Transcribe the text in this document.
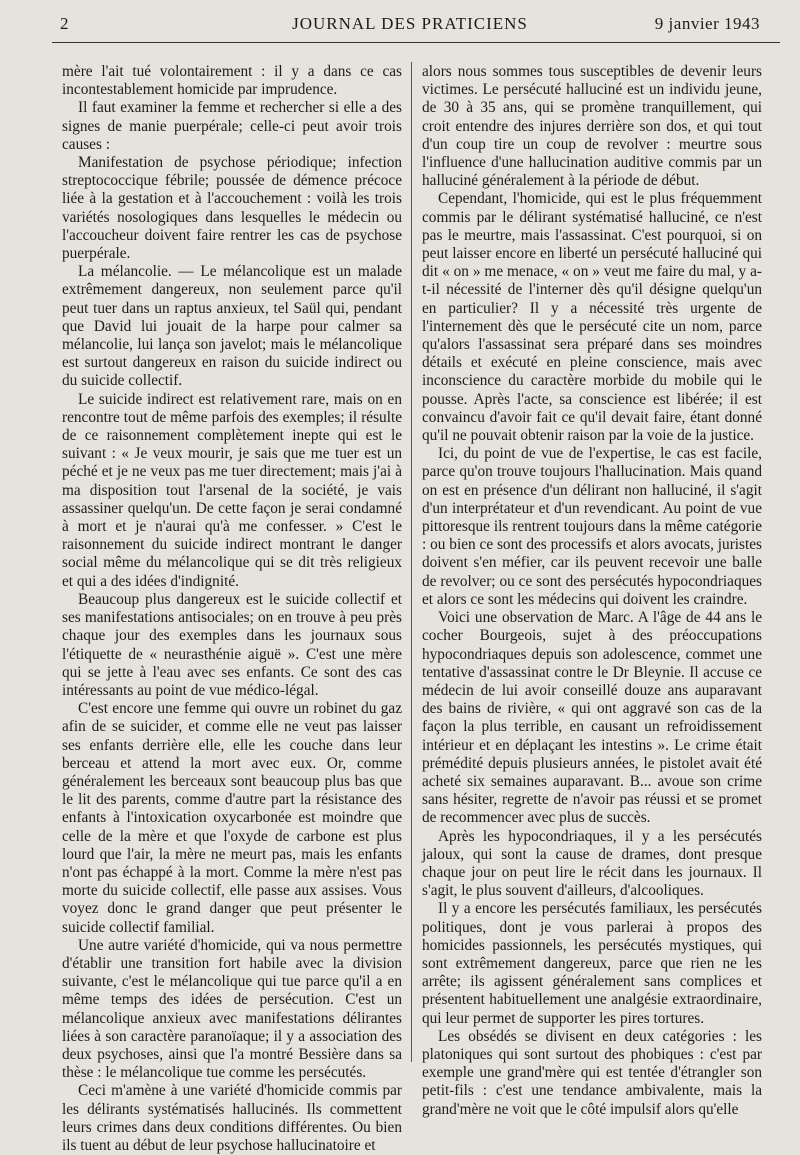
2	JOURNAL DES PRATICIENS	9 janvier 1943

mère l'ait tué volontairement : il y a dans ce cas incontestablement homicide par imprudence.

Il faut examiner la femme et rechercher si elle a des signes de manie puerpérale; celle-ci peut avoir trois causes :

Manifestation de psychose périodique; infection streptococcique fébrile; poussée de démence précoce liée à la gestation et à l'accouchement : voilà les trois variétés nosologiques dans lesquelles le médecin ou l'accoucheur doivent faire rentrer les cas de psychose puerpérale.

La mélancolie. — Le mélancolique est un malade extrêmement dangereux, non seulement parce qu'il peut tuer dans un raptus anxieux, tel Saül qui, pendant que David lui jouait de la harpe pour calmer sa mélancolie, lui lança son javelot; mais le mélancolique est surtout dangereux en raison du suicide indirect ou du suicide collectif.

Le suicide indirect est relativement rare, mais on en rencontre tout de même parfois des exemples; il résulte de ce raisonnement complètement inepte qui est le suivant : « Je veux mourir, je sais que me tuer est un péché et je ne veux pas me tuer directement; mais j'ai à ma disposition tout l'arsenal de la société, je vais assassiner quelqu'un. De cette façon je serai condamné à mort et je n'aurai qu'à me confesser. » C'est le raisonnement du suicide indirect montrant le danger social même du mélancolique qui se dit très religieux et qui a des idées d'indignité.

Beaucoup plus dangereux est le suicide collectif et ses manifestations antisociales; on en trouve à peu près chaque jour des exemples dans les journaux sous l'étiquette de « neurasthénie aiguë ». C'est une mère qui se jette à l'eau avec ses enfants. Ce sont des cas intéressants au point de vue médico-légal.

C'est encore une femme qui ouvre un robinet du gaz afin de se suicider, et comme elle ne veut pas laisser ses enfants derrière elle, elle les couche dans leur berceau et attend la mort avec eux. Or, comme généralement les berceaux sont beaucoup plus bas que le lit des parents, comme d'autre part la résistance des enfants à l'intoxication oxycarbonée est moindre que celle de la mère et que l'oxyde de carbone est plus lourd que l'air, la mère ne meurt pas, mais les enfants n'ont pas échappé à la mort. Comme la mère n'est pas morte du suicide collectif, elle passe aux assises. Vous voyez donc le grand danger que peut présenter le suicide collectif familial.

Une autre variété d'homicide, qui va nous permettre d'établir une transition fort habile avec la division suivante, c'est le mélancolique qui tue parce qu'il a en même temps des idées de persécution. C'est un mélancolique anxieux avec manifestations délirantes liées à son caractère paranoïaque; il y a association des deux psychoses, ainsi que l'a montré Bessière dans sa thèse : le mélancolique tue comme les persécutés.

Ceci m'amène à une variété d'homicide commis par les délirants systématisés hallucinés. Ils commettent leurs crimes dans deux conditions différentes. Ou bien ils tuent au début de leur psychose hallucinatoire et

alors nous sommes tous susceptibles de devenir leurs victimes. Le persécuté halluciné est un individu jeune, de 30 à 35 ans, qui se promène tranquillement, qui croit entendre des injures derrière son dos, et qui tout d'un coup tire un coup de revolver : meurtre sous l'influence d'une hallucination auditive commis par un halluciné généralement à la période de début.

Cependant, l'homicide, qui est le plus fréquemment commis par le délirant systématisé halluciné, ce n'est pas le meurtre, mais l'assassinat. C'est pourquoi, si on peut laisser encore en liberté un persécuté halluciné qui dit « on » me menace, « on » veut me faire du mal, y a-t-il nécessité de l'interner dès qu'il désigne quelqu'un en particulier? Il y a nécessité très urgente de l'internement dès que le persécuté cite un nom, parce qu'alors l'assassinat sera préparé dans ses moindres détails et exécuté en pleine conscience, mais avec inconscience du caractère morbide du mobile qui le pousse. Après l'acte, sa conscience est libérée; il est convaincu d'avoir fait ce qu'il devait faire, étant donné qu'il ne pouvait obtenir raison par la voie de la justice.

Ici, du point de vue de l'expertise, le cas est facile, parce qu'on trouve toujours l'hallucination. Mais quand on est en présence d'un délirant non halluciné, il s'agit d'un interprétateur et d'un revendicant. Au point de vue pittoresque ils rentrent toujours dans la même catégorie : ou bien ce sont des processifs et alors avocats, juristes doivent s'en méfier, car ils peuvent recevoir une balle de revolver; ou ce sont des persécutés hypocondriaques et alors ce sont les médecins qui doivent les craindre.

Voici une observation de Marc. A l'âge de 44 ans le cocher Bourgeois, sujet à des préoccupations hypocondriaques depuis son adolescence, commet une tentative d'assassinat contre le Dr Bleynie. Il accuse ce médecin de lui avoir conseillé douze ans auparavant des bains de rivière, « qui ont aggravé son cas de la façon la plus terrible, en causant un refroidissement intérieur et en déplaçant les intestins ». Le crime était prémédité depuis plusieurs années, le pistolet avait été acheté six semaines auparavant. B... avoue son crime sans hésiter, regrette de n'avoir pas réussi et se promet de recommencer avec plus de succès.

Après les hypocondriaques, il y a les persécutés jaloux, qui sont la cause de drames, dont presque chaque jour on peut lire le récit dans les journaux. Il s'agit, le plus souvent d'ailleurs, d'alcooliques.

Il y a encore les persécutés familiaux, les persécutés politiques, dont je vous parlerai à propos des homicides passionnels, les persécutés mystiques, qui sont extrêmement dangereux, parce que rien ne les arrête; ils agissent généralement sans complices et présentent habituellement une analgésie extraordinaire, qui leur permet de supporter les pires tortures.

Les obsédés se divisent en deux catégories : les platoniques qui sont surtout des phobiques : c'est par exemple une grand'mère qui est tentée d'étrangler son petit-fils : c'est une tendance ambivalente, mais la grand'mère ne voit que le côté impulsif alors qu'elle
